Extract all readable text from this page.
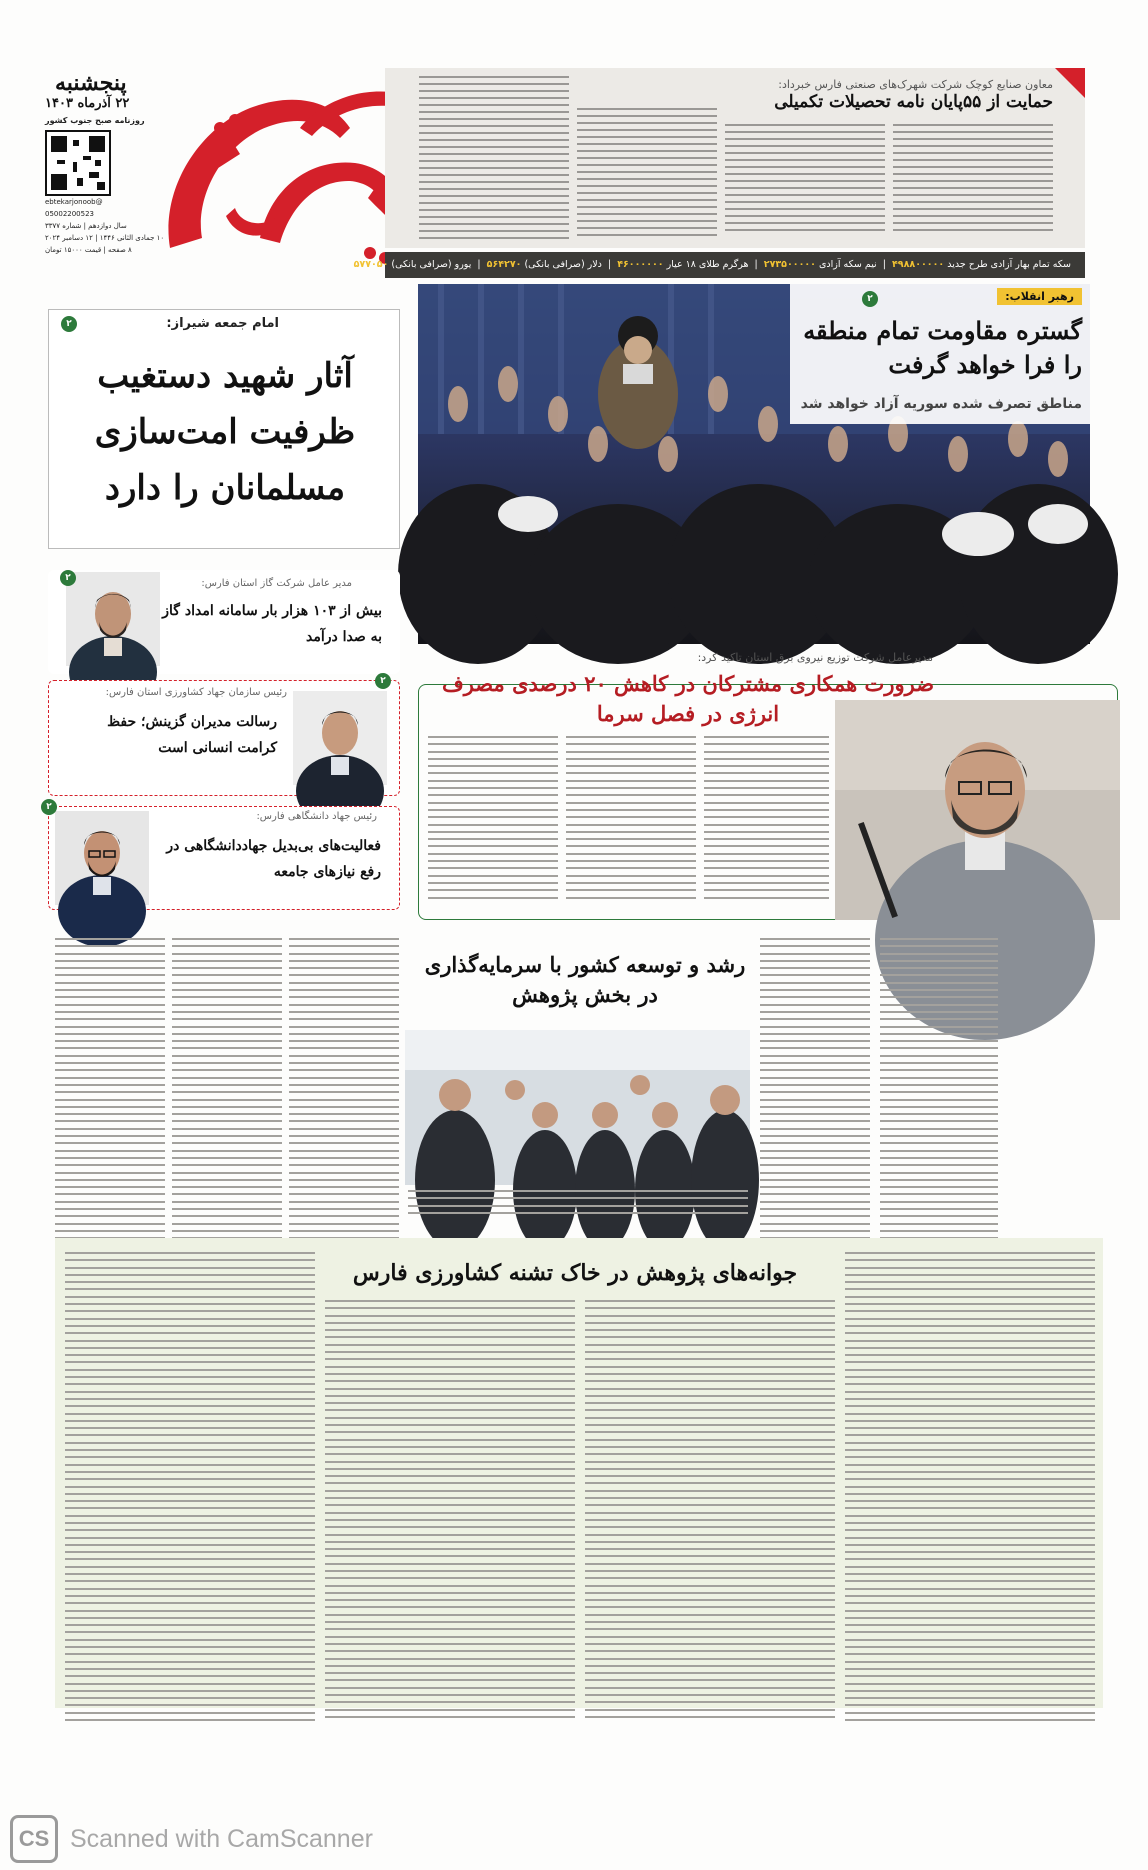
پنجشنبه
۲۲ آذرماه ۱۴۰۳
روزنامه صبح جنوب کشور
@ebtekarjonoob
05002200523
سال دوازدهم | شماره ۳۳۷۷
۱۰ جمادی الثانی ۱۴۴۶ | ۱۲ دسامبر ۲۰۲۴
۸ صفحه | قیمت ۱۵۰۰۰ تومان
معاون صنایع کوچک شرکت شهرک‌های صنعتی فارس خبرداد:
حمایت از ۵۵پایان نامه تحصیلات تکمیلی
سکه تمام بهار آزادی طرح جدید ۴۹۸۸۰۰۰۰۰  |  نیم سکه آزادی ۲۷۳۵۰۰۰۰۰  |  هرگرم طلای ۱۸ عیار ۴۶۰۰۰۰۰۰  |  دلار (صرافی بانکی) ۵۶۴۲۷۰  |  یورو (صرافی بانکی) ۵۷۷۰۵۰
رهبر انقلاب:
گستره مقاومت تمام منطقه را فرا خواهد گرفت
مناطق تصرف شده سوریه آزاد خواهد شد
۲
امام جمعه شیراز:
۲
آثار شهید دستغیب ظرفیت امت‌سازی مسلمانان را دارد
۲	مدیر عامل شرکت گاز استان فارس:
بیش از ۱۰۳ هزار بار سامانه امداد گاز به صدا درآمد
۲
رئیس سازمان جهاد کشاورزی استان فارس:
رسالت مدیران گزینش؛ حفظ کرامت انسانی است
۲
رئیس جهاد دانشگاهی فارس:
فعالیت‌های بی‌بدیل جهاددانشگاهی در رفع نیازهای جامعه
مدیرعامل شرکت توزیع نیروی برق استان تاکید کرد:
ضرورت همکاری مشترکان در کاهش ۲۰ درصدی مصرف انرژی در فصل سرما
رشد و توسعه کشور با سرمایه‌گذاری در بخش پژوهش
جوانه‌های پژوهش در خاک تشنه کشاورزی فارس
CS Scanned with CamScanner
